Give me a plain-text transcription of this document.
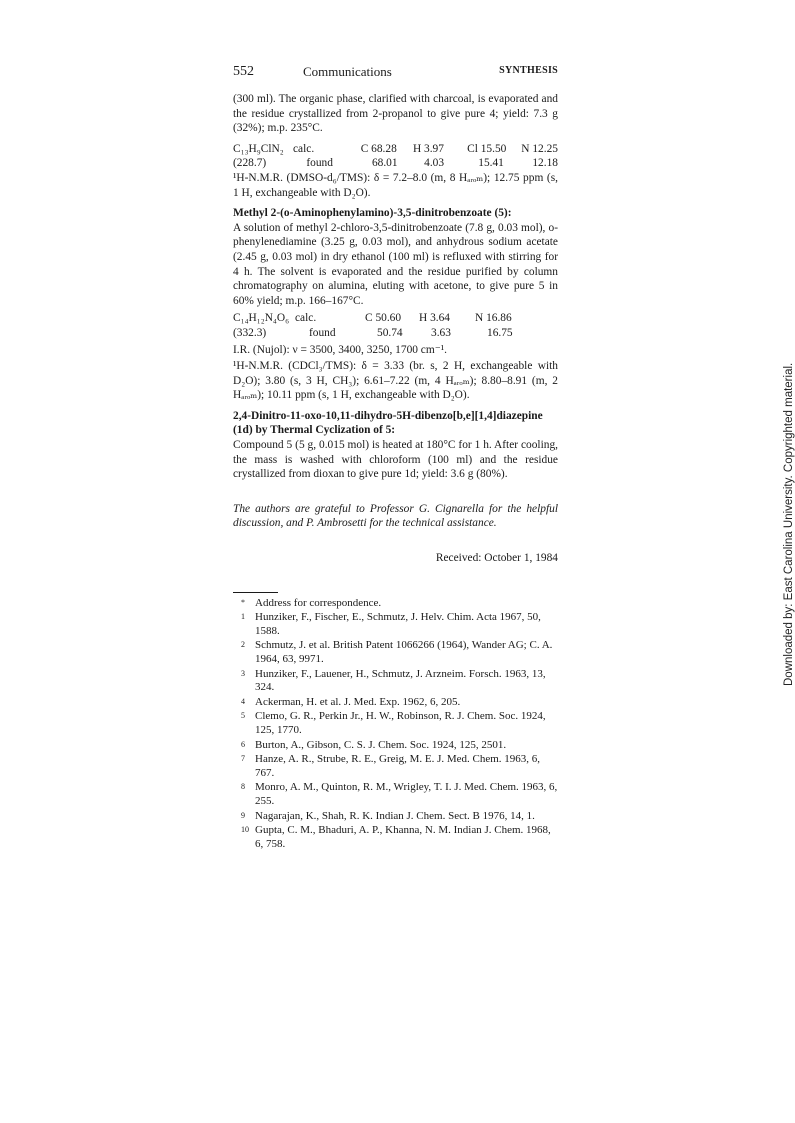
552	Communications	SYNTHESIS

(300 ml). The organic phase, clarified with charcoal, is evaporated and the residue crystallized from 2-propanol to give pure 4; yield: 7.3 g (32%); m.p. 235°C.

C₁₃H₉ClN₂ calc.	C 68.28	H 3.97	Cl 15.50	N 12.25
(228.7)	found	68.01	4.03	15.41	12.18

¹H-N.M.R. (DMSO-d₆/TMS): δ = 7.2–8.0 (m, 8 Hₐᵣₒₘ); 12.75 ppm (s, 1 H, exchangeable with D₂O).

Methyl 2-(o-Aminophenylamino)-3,5-dinitrobenzoate (5):

A solution of methyl 2-chloro-3,5-dinitrobenzoate (7.8 g, 0.03 mol), o-phenylenediamine (3.25 g, 0.03 mol), and anhydrous sodium acetate (2.45 g, 0.03 mol) in dry ethanol (100 ml) is refluxed with stirring for 4 h. The solvent is evaporated and the residue purified by column chromatography on alumina, eluting with acetone, to give pure 5 in 60% yield; m.p. 166–167°C.

C₁₄H₁₂N₄O₆ calc.	C 50.60	H 3.64	N 16.86
(332.3)	found	50.74	3.63	16.75

I.R. (Nujol): ν = 3500, 3400, 3250, 1700 cm⁻¹.

¹H-N.M.R. (CDCl₃/TMS): δ = 3.33 (br. s, 2 H, exchangeable with D₂O); 3.80 (s, 3 H, CH₃); 6.61–7.22 (m, 4 Hₐᵣₒₘ); 8.80–8.91 (m, 2 Hₐᵣₒₘ); 10.11 ppm (s, 1 H, exchangeable with D₂O).

2,4-Dinitro-11-oxo-10,11-dihydro-5H-dibenzo[b,e][1,4]diazepine (1d) by Thermal Cyclization of 5:

Compound 5 (5 g, 0.015 mol) is heated at 180°C for 1 h. After cooling, the mass is washed with chloroform (100 ml) and the residue crystallized from dioxan to give pure 1d; yield: 3.6 g (80%).

The authors are grateful to Professor G. Cignarella for the helpful discussion, and P. Ambrosetti for the technical assistance.

Received: October 1, 1984

* Address for correspondence.
1 Hunziker, F., Fischer, E., Schmutz, J. Helv. Chim. Acta 1967, 50, 1588.
2 Schmutz, J. et al. British Patent 1066266 (1964), Wander AG; C. A. 1964, 63, 9971.
3 Hunziker, F., Lauener, H., Schmutz, J. Arzneim. Forsch. 1963, 13, 324.
4 Ackerman, H. et al. J. Med. Exp. 1962, 6, 205.
5 Clemo, G. R., Perkin Jr., H. W., Robinson, R. J. Chem. Soc. 1924, 125, 1770.
6 Burton, A., Gibson, C. S. J. Chem. Soc. 1924, 125, 2501.
7 Hanze, A. R., Strube, R. E., Greig, M. E. J. Med. Chem. 1963, 6, 767.
8 Monro, A. M., Quinton, R. M., Wrigley, T. I. J. Med. Chem. 1963, 6, 255.
9 Nagarajan, K., Shah, R. K. Indian J. Chem. Sect. B 1976, 14, 1.
10 Gupta, C. M., Bhaduri, A. P., Khanna, N. M. Indian J. Chem. 1968, 6, 758.
Downloaded by: East Carolina University. Copyrighted material.
